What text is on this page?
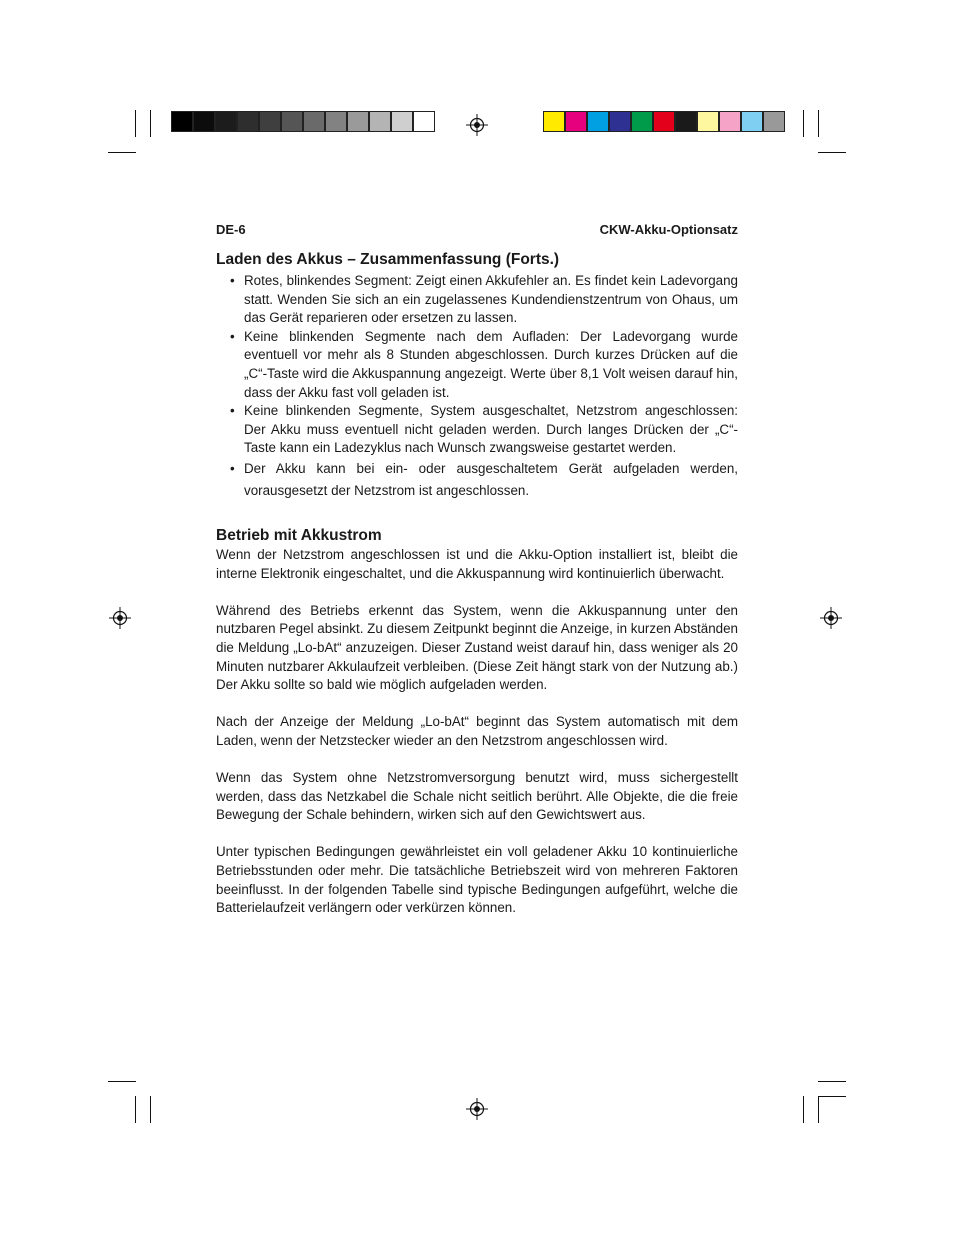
DE-6	CKW-Akku-Optionsatz
Laden des Akkus – Zusammenfassung (Forts.)
• Rotes, blinkendes Segment: Zeigt einen Akkufehler an. Es findet kein Ladevorgang statt. Wenden Sie sich an ein zugelassenes Kundendienstzentrum von Ohaus, um das Gerät reparieren oder ersetzen zu lassen.
• Keine blinkenden Segmente nach dem Aufladen: Der Ladevorgang wurde eventuell vor mehr als 8 Stunden abgeschlossen. Durch kurzes Drücken auf die „C“-Taste wird die Akkuspannung angezeigt. Werte über 8,1 Volt weisen darauf hin, dass der Akku fast voll geladen ist.
• Keine blinkenden Segmente, System ausgeschaltet, Netzstrom angeschlossen: Der Akku muss eventuell nicht geladen werden. Durch langes Drücken der „C“-Taste kann ein Ladezyklus nach Wunsch zwangsweise gestartet werden.
• Der Akku kann bei ein- oder ausgeschaltetem Gerät aufgeladen werden, vorausgesetzt der Netzstrom ist angeschlossen.
Betrieb mit Akkustrom

Wenn der Netzstrom angeschlossen ist und die Akku-Option installiert ist, bleibt die interne Elektronik eingeschaltet, und die Akkuspannung wird kontinuierlich überwacht.

Während des Betriebs erkennt das System, wenn die Akkuspannung unter den nutzbaren Pegel absinkt. Zu diesem Zeitpunkt beginnt die Anzeige, in kurzen Abständen die Meldung „Lo-bAt“ anzuzeigen. Dieser Zustand weist darauf hin, dass weniger als 20 Minuten nutzbarer Akkulaufzeit verbleiben. (Diese Zeit hängt stark von der Nutzung ab.) Der Akku sollte so bald wie möglich aufgeladen werden.

Nach der Anzeige der Meldung „Lo-bAt“ beginnt das System automatisch mit dem Laden, wenn der Netzstecker wieder an den Netzstrom angeschlossen wird.

Wenn das System ohne Netzstromversorgung benutzt wird, muss sichergestellt werden, dass das Netzkabel die Schale nicht seitlich berührt. Alle Objekte, die die freie Bewegung der Schale behindern, wirken sich auf den Gewichtswert aus.

Unter typischen Bedingungen gewährleistet ein voll geladener Akku 10 kontinuierliche Betriebsstunden oder mehr. Die tatsächliche Betriebszeit wird von mehreren Faktoren beeinflusst. In der folgenden Tabelle sind typische Bedingungen aufgeführt, welche die Batterielaufzeit verlängern oder verkürzen können.
